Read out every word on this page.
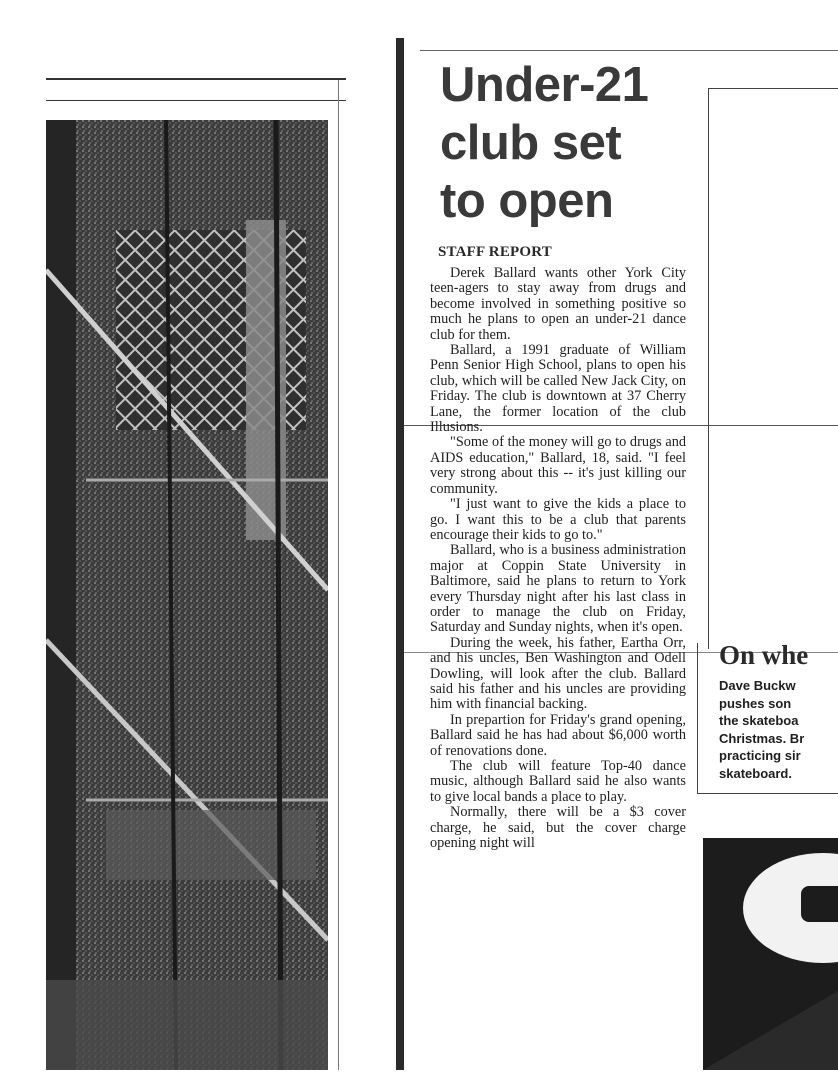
Under-21
club set
to open
STAFF REPORT

Derek Ballard wants other York City teen-agers to stay away from drugs and become involved in something positive so much he plans to open an under-21 dance club for them.

Ballard, a 1991 graduate of William Penn Senior High School, plans to open his club, which will be called New Jack City, on Friday. The club is downtown at 37 Cherry Lane, the former location of the club Illusions.

"Some of the money will go to drugs and AIDS education," Ballard, 18, said. "I feel very strong about this -- it's just killing our community.

"I just want to give the kids a place to go. I want this to be a club that parents encourage their kids to go to."

Ballard, who is a business administration major at Coppin State University in Baltimore, said he plans to return to York every Thursday night after his last class in order to manage the club on Friday, Saturday and Sunday nights, when it's open.

During the week, his father, Eartha Orr, and his uncles, Ben Washington and Odell Dowling, will look after the club. Ballard said his father and his uncles are providing him with financial backing.

In prepartion for Friday's grand opening, Ballard said he has had about $6,000 worth of renovations done.

The club will feature Top-40 dance music, although Ballard said he also wants to give local bands a place to play.

Normally, there will be a $3 cover charge, he said, but the cover charge opening night will

On whe
Dave Buckw
pushes son
the skateboa
Christmas. Br
practicing sir
skateboard.
